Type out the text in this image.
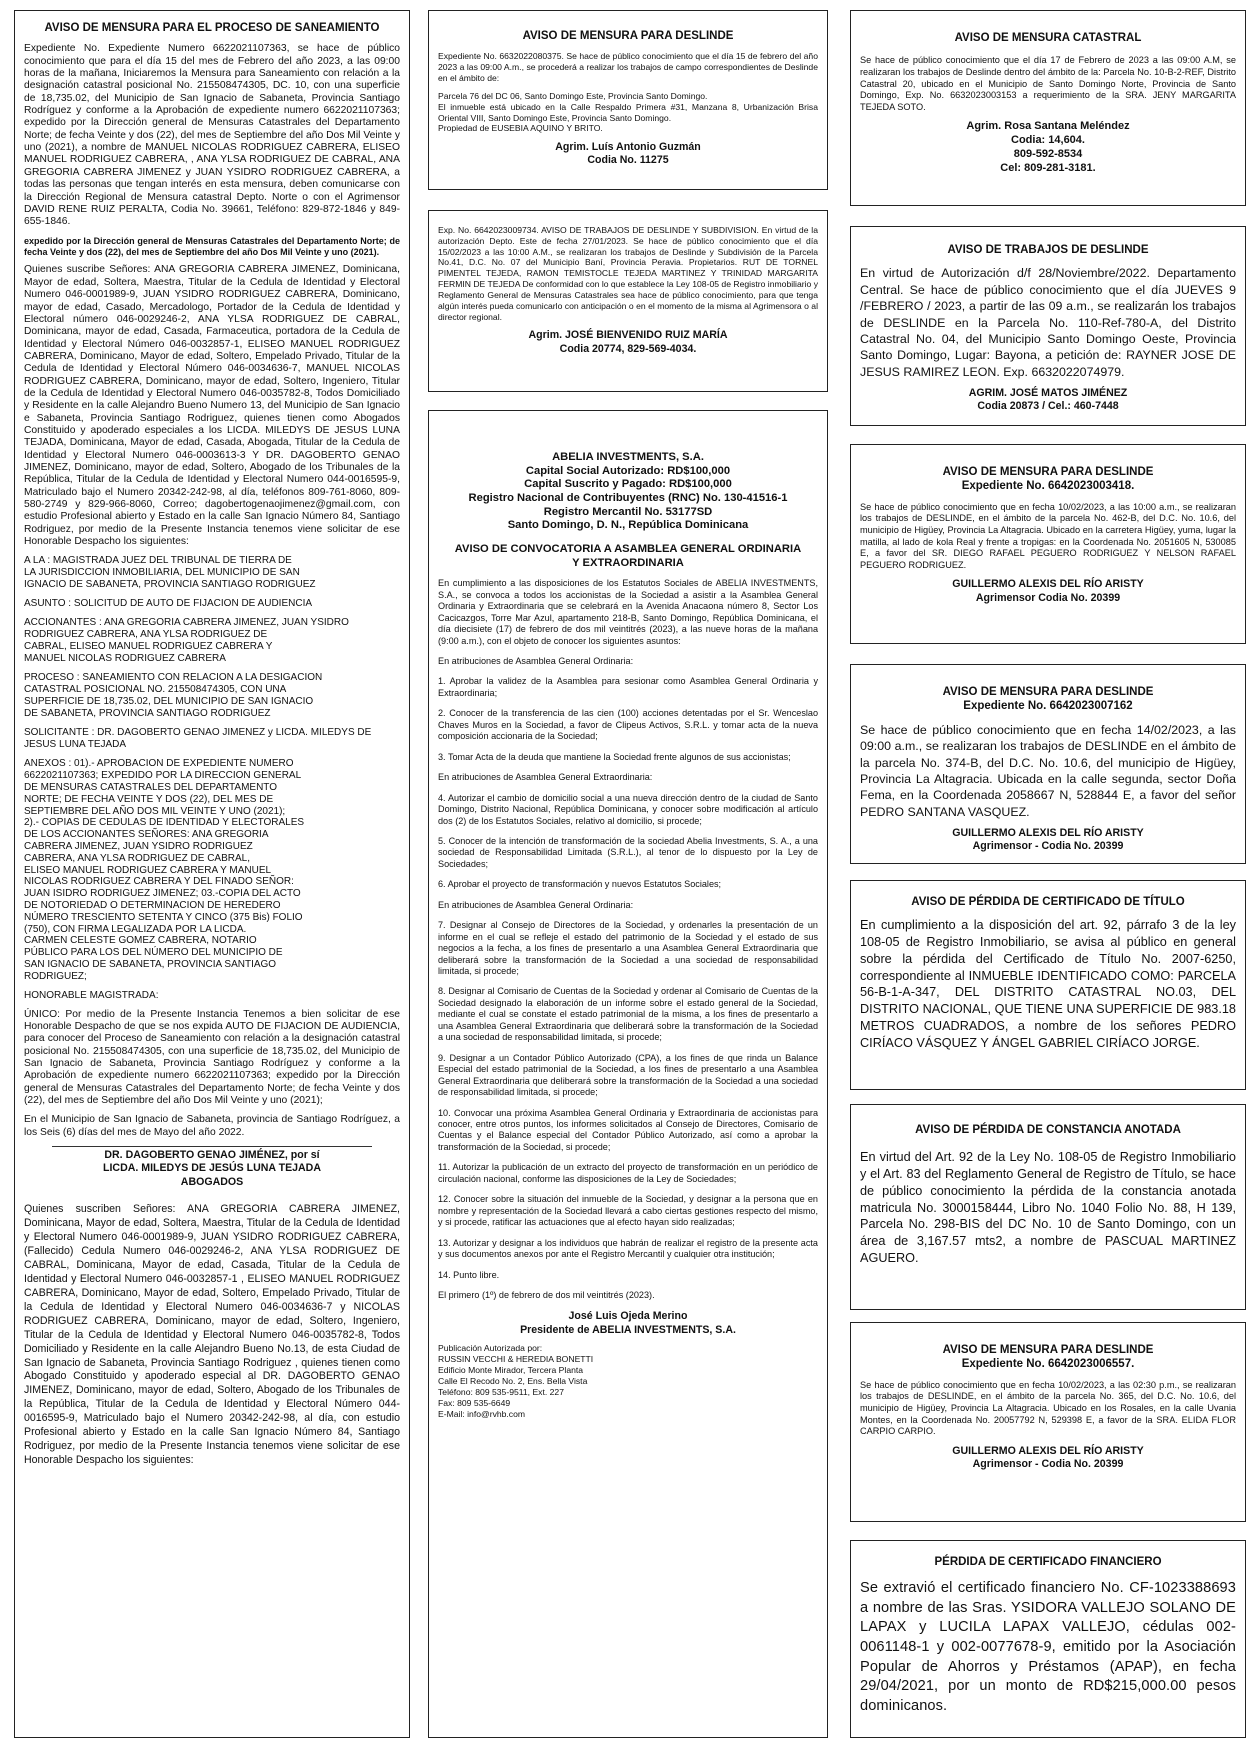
AVISO DE MENSURA PARA EL PROCESO DE SANEAMIENTO

Expediente No. Expediente Numero 6622021107363, se hace de público conocimiento que para el día 15 del mes de Febrero del año 2023, a las 09:00 horas de la mañana, Iniciaremos la Mensura para Saneamiento con relación a la designación catastral posicional No. 215508474305, DC. 10, con una superficie de 18,735.02, del Municipio de San Ignacio de Sabaneta, Provincia Santiago Rodríguez y conforme a la Aprobación de expediente numero 6622021107363; expedido por la Dirección general de Mensuras Catastrales del Departamento Norte; de fecha Veinte y dos (22), del mes de Septiembre del año Dos Mil Veinte y uno (2021), a nombre de MANUEL NICOLAS RODRIGUEZ CABRERA, ELISEO MANUEL RODRIGUEZ CABRERA, , ANA YLSA RODRIGUEZ DE CABRAL, ANA GREGORIA CABRERA JIMENEZ y JUAN YSIDRO RODRIGUEZ CABRERA, a todas las personas que tengan interés en esta mensura, deben comunicarse con la Dirección Regional de Mensura catastral Depto. Norte o con el Agrimensor DAVID RENE RUIZ PERALTA, Codia No. 39661, Teléfono: 829-872-1846 y 849-655-1846.

expedido por la Dirección general de Mensuras Catastrales del Departamento Norte; de fecha Veinte y dos (22), del mes de Septiembre del año Dos Mil Veinte y uno (2021).

Quienes suscribe Señores: ANA GREGORIA CABRERA JIMENEZ, Dominicana, Mayor de edad, Soltera, Maestra, Titular de la Cedula de Identidad y Electoral Numero 046-0001989-9, JUAN YSIDRO RODRIGUEZ CABRERA, Dominicano, mayor de edad, Casado, Mercadologo, Portador de la Cedula de Identidad y Electoral número 046-0029246-2, ANA YLSA RODRIGUEZ DE CABRAL, Dominicana, mayor de edad, Casada, Farmaceutica, portadora de la Cedula de Identidad y Electoral Número 046-0032857-1, ELISEO MANUEL RODRIGUEZ CABRERA, Dominicano, Mayor de edad, Soltero, Empelado Privado, Titular de la Cedula de Identidad y Electoral Número 046-0034636-7, MANUEL NICOLAS RODRIGUEZ CABRERA, Dominicano, mayor de edad, Soltero, Ingeniero, Titular de la Cedula de Identidad y Electoral Numero 046-0035782-8, Todos Domiciliado y Residente en la calle Alejandro Bueno Numero 13, del Municipio de San Ignacio e Sabaneta, Provincia Santiago Rodriguez, quienes tienen como Abogados Constituido y apoderado especiales a los LICDA. MILEDYS DE JESUS LUNA TEJADA, Dominicana, Mayor de edad, Casada, Abogada, Titular de la Cedula de Identidad y Electoral Numero 046-0003613-3 Y DR. DAGOBERTO GENAO JIMENEZ, Dominicano, mayor de edad, Soltero, Abogado de los Tribunales de la República, Titular de la Cedula de Identidad y Electoral Numero 044-0016595-9, Matriculado bajo el Numero 20342-242-98, al día, teléfonos 809-761-8060, 809-580-2749 y 829-966-8060, Correo; dagobertogenaojimenez@gmail.com, con estudio Profesional abierto y Estado en la calle San Ignacio Número 84, Santiago Rodriguez, por medio de la Presente Instancia tenemos viene solicitar de ese Honorable Despacho los siguientes:

A LA : MAGISTRADA JUEZ DEL TRIBUNAL DE TIERRA DE
LA JURISDICCION INMOBILIARIA, DEL MUNICIPIO DE SAN
IGNACIO DE SABANETA, PROVINCIA SANTIAGO RODRIGUEZ

ASUNTO : SOLICITUD DE AUTO DE FIJACION DE AUDIENCIA

ACCIONANTES : ANA GREGORIA CABRERA JIMENEZ, JUAN YSIDRO
RODRIGUEZ CABRERA, ANA YLSA RODRIGUEZ DE
CABRAL, ELISEO MANUEL RODRIGUEZ CABRERA Y
MANUEL NICOLAS RODRIGUEZ CABRERA

PROCESO : SANEAMIENTO CON RELACION A LA DESIGACION
CATASTRAL POSICIONAL NO. 215508474305, CON UNA
SUPERFICIE DE 18,735.02, DEL MUNICIPIO DE SAN IGNACIO
DE SABANETA, PROVINCIA SANTIAGO RODRIGUEZ

SOLICITANTE : DR. DAGOBERTO GENAO JIMENEZ y LICDA. MILEDYS DE
JESUS LUNA TEJADA

ANEXOS : 01).- APROBACION DE EXPEDIENTE NUMERO
6622021107363; EXPEDIDO POR LA DIRECCION GENERAL
DE MENSURAS CATASTRALES DEL DEPARTAMENTO
NORTE; DE FECHA VEINTE Y DOS (22), DEL MES DE
SEPTIEMBRE DEL AÑO DOS MIL VEINTE Y UNO (2021);
2).- COPIAS DE CEDULAS DE IDENTIDAD Y ELECTORALES
DE LOS ACCIONANTES SEÑORES: ANA GREGORIA
CABRERA JIMENEZ, JUAN YSIDRO RODRIGUEZ
CABRERA, ANA YLSA RODRIGUEZ DE CABRAL,
ELISEO MANUEL RODRIGUEZ CABRERA Y MANUEL
NICOLAS RODRIGUEZ CABRERA Y DEL FINADO SEÑOR:
JUAN ISIDRO RODRIGUEZ JIMENEZ; 03.-COPIA DEL ACTO
DE NOTORIEDAD O DETERMINACION DE HEREDERO
NÚMERO TRESCIENTO SETENTA Y CINCO (375 Bis) FOLIO
(750), CON FIRMA LEGALIZADA POR LA LICDA.
CARMEN CELESTE GOMEZ CABRERA, NOTARIO
PÚBLICO PARA LOS DEL NÚMERO DEL MUNICIPIO DE
SAN IGNACIO DE SABANETA, PROVINCIA SANTIAGO
RODRIGUEZ;

HONORABLE MAGISTRADA:

ÚNICO: Por medio de la Presente Instancia Tenemos a bien solicitar de ese Honorable Despacho de que se nos expida AUTO DE FIJACION DE AUDIENCIA, para conocer del Proceso de Saneamiento con relación a la designación catastral posicional No. 215508474305, con una superficie de 18,735.02, del Municipio de San Ignacio de Sabaneta, Provincia Santiago Rodríguez y conforme a la Aprobación de expediente numero 6622021107363; expedido por la Dirección general de Mensuras Catastrales del Departamento Norte; de fecha Veinte y dos (22), del mes de Septiembre del año Dos Mil Veinte y uno (2021);

En el Municipio de San Ignacio de Sabaneta, provincia de Santiago Rodríguez, a los Seis (6) días del mes de Mayo del año 2022.

DR. DAGOBERTO GENAO JIMÉNEZ, por sí
LICDA. MILEDYS DE JESÚS LUNA TEJADA
ABOGADOS

Quienes suscriben Señores: ANA GREGORIA CABRERA JIMENEZ, Dominicana, Mayor de edad, Soltera, Maestra, Titular de la Cedula de Identidad y Electoral Numero 046-0001989-9, JUAN YSIDRO RODRIGUEZ CABRERA, (Fallecido) Cedula Numero 046-0029246-2, ANA YLSA RODRIGUEZ DE CABRAL, Dominicana, Mayor de edad, Casada, Titular de la Cedula de Identidad y Electoral Numero 046-0032857-1 , ELISEO MANUEL RODRIGUEZ CABRERA, Dominicano, Mayor de edad, Soltero, Empelado Privado, Titular de la Cedula de Identidad y Electoral Numero 046-0034636-7 y NICOLAS RODRIGUEZ CABRERA, Dominicano, mayor de edad, Soltero, Ingeniero, Titular de la Cedula de Identidad y Electoral Numero 046-0035782-8, Todos Domiciliado y Residente en la calle Alejandro Bueno No.13, de esta Ciudad de San Ignacio de Sabaneta, Provincia Santiago Rodriguez , quienes tienen como Abogado Constituido y apoderado especial al DR. DAGOBERTO GENAO JIMENEZ, Dominicano, mayor de edad, Soltero, Abogado de los Tribunales de la República, Titular de la Cedula de Identidad y Electoral Número 044-0016595-9, Matriculado bajo el Numero 20342-242-98, al día, con estudio Profesional abierto y Estado en la calle San Ignacio Número 84, Santiago Rodriguez, por medio de la Presente Instancia tenemos viene solicitar de ese Honorable Despacho los siguientes:

AVISO DE MENSURA PARA DESLINDE

Expediente No. 6632022080375. Se hace de público conocimiento que el día 15 de febrero del año 2023 a las 09:00 A.m., se procederá a realizar los trabajos de campo correspondientes de Deslinde en el ámbito de:

Parcela 76 del DC 06, Santo Domingo Este, Provincia Santo Domingo.
El inmueble está ubicado en la Calle Respaldo Primera #31, Manzana 8, Urbanización Brisa Oriental VIII, Santo Domingo Este, Provincia Santo Domingo.
Propiedad de EUSEBIA AQUINO Y BRITO.

Agrim. Luís Antonio Guzmán
Codia No. 11275

Exp. No. 6642023009734. AVISO DE TRABAJOS DE DESLINDE Y SUBDIVISION. En virtud de la autorización Depto. Este de fecha 27/01/2023. Se hace de público conocimiento que el día 15/02/2023 a las 10:00 A.M., se realizaran los trabajos de Deslinde y Subdivisión de la Parcela No.41, D.C. No. 07 del Municipio Baní, Provincia Peravia. Propietarios. RUT DE TORNEL PIMENTEL TEJEDA, RAMON TEMISTOCLE TEJEDA MARTINEZ Y TRINIDAD MARGARITA FERMIN DE TEJEDA De conformidad con lo que establece la Ley 108-05 de Registro inmobiliario y Reglamento General de Mensuras Catastrales sea hace de público conocimiento, para que tenga algún interés pueda comunicarlo con anticipación o en el momento de la misma al Agrimensora o al director regional.

Agrim. JOSÉ BIENVENIDO RUIZ MARÍA
Codia 20774, 829-569-4034.
ABELIA INVESTMENTS, S.A.
Capital Social Autorizado: RD$100,000
Capital Suscrito y Pagado: RD$100,000
Registro Nacional de Contribuyentes (RNC) No. 130-41516-1
Registro Mercantil No. 53177SD
Santo Domingo, D. N., República Dominicana
AVISO DE CONVOCATORIA A ASAMBLEA GENERAL ORDINARIA
Y EXTRAORDINARIA

En cumplimiento a las disposiciones de los Estatutos Sociales de ABELIA INVESTMENTS, S.A., se convoca a todos los accionistas de la Sociedad a asistir a la Asamblea General Ordinaria y Extraordinaria que se celebrará en la Avenida Anacaona número 8, Sector Los Cacicazgos, Torre Mar Azul, apartamento 218-B, Santo Domingo, República Dominicana, el día diecisiete (17) de febrero de dos mil veintitrés (2023), a las nueve horas de la mañana (9:00 a.m.), con el objeto de conocer los siguientes asuntos:

En atribuciones de Asamblea General Ordinaria:

1. Aprobar la validez de la Asamblea para sesionar como Asamblea General Ordinaria y Extraordinaria;

2. Conocer de la transferencia de las cien (100) acciones detentadas por el Sr. Wenceslao Chaves Muros en la Sociedad, a favor de Clipeus Activos, S.R.L. y tomar acta de la nueva composición accionaria de la Sociedad;

3. Tomar Acta de la deuda que mantiene la Sociedad frente algunos de sus accionistas;

En atribuciones de Asamblea General Extraordinaria:

4. Autorizar el cambio de domicilio social a una nueva dirección dentro de la ciudad de Santo Domingo, Distrito Nacional, República Dominicana, y conocer sobre modificación al artículo dos (2) de los Estatutos Sociales, relativo al domicilio, si procede;

5. Conocer de la intención de transformación de la sociedad Abelia Investments, S. A., a una sociedad de Responsabilidad Limitada (S.R.L.), al tenor de lo dispuesto por la Ley de Sociedades;

6. Aprobar el proyecto de transformación y nuevos Estatutos Sociales;

En atribuciones de Asamblea General Ordinaria:

7. Designar al Consejo de Directores de la Sociedad, y ordenarles la presentación de un informe en el cual se refleje el estado del patrimonio de la Sociedad y el estado de sus negocios a la fecha, a los fines de presentarlo a una Asamblea General Extraordinaria que deliberará sobre la transformación de la Sociedad a una sociedad de responsabilidad limitada, si procede;

8. Designar al Comisario de Cuentas de la Sociedad y ordenar al Comisario de Cuentas de la Sociedad designado la elaboración de un informe sobre el estado general de la Sociedad, mediante el cual se constate el estado patrimonial de la misma, a los fines de presentarlo a una Asamblea General Extraordinaria que deliberará sobre la transformación de la Sociedad a una sociedad de responsabilidad limitada, si procede;

9. Designar a un Contador Público Autorizado (CPA), a los fines de que rinda un Balance Especial del estado patrimonial de la Sociedad, a los fines de presentarlo a una Asamblea General Extraordinaria que deliberará sobre la transformación de la Sociedad a una sociedad de responsabilidad limitada, si procede;

10. Convocar una próxima Asamblea General Ordinaria y Extraordinaria de accionistas para conocer, entre otros puntos, los informes solicitados al Consejo de Directores, Comisario de Cuentas y el Balance especial del Contador Público Autorizado, así como a aprobar la transformación de la Sociedad, si procede;

11. Autorizar la publicación de un extracto del proyecto de transformación en un periódico de circulación nacional, conforme las disposiciones de la Ley de Sociedades;

12. Conocer sobre la situación del inmueble de la Sociedad, y designar a la persona que en nombre y representación de la Sociedad llevará a cabo ciertas gestiones respecto del mismo, y si procede, ratificar las actuaciones que al efecto hayan sido realizadas;

13. Autorizar y designar a los individuos que habrán de realizar el registro de la presente acta y sus documentos anexos por ante el Registro Mercantil y cualquier otra institución;

14. Punto libre.

El primero (1º) de febrero de dos mil veintitrés (2023).

José Luis Ojeda Merino
Presidente de ABELIA INVESTMENTS, S.A.
Publicación Autorizada por:
RUSSIN VECCHI & HEREDIA BONETTI
Edificio Monte Mirador, Tercera Planta
Calle El Recodo No. 2, Ens. Bella Vista
Teléfono: 809 535-9511, Ext. 227
Fax: 809 535-6649
E-Mail: info@rvhb.com
AVISO DE MENSURA CATASTRAL

Se hace de público conocimiento que el día 17 de Febrero de 2023 a las 09:00 A.M, se realizaran los trabajos de Deslinde dentro del ámbito de la: Parcela No. 10-B-2-REF, Distrito Catastral 20, ubicado en el Municipio de Santo Domingo Norte, Provincia de Santo Domingo, Exp. No. 6632023003153 a requerimiento de la SRA. JENY MARGARITA TEJEDA SOTO.

Agrim. Rosa Santana Meléndez
Codia: 14,604.
809-592-8534
Cel: 809-281-3181.
AVISO DE TRABAJOS DE DESLINDE

En virtud de Autorización d/f 28/Noviembre/2022. Departamento Central. Se hace de público conocimiento que el día JUEVES 9 /FEBRERO / 2023, a partir de las 09 a.m., se realizarán los trabajos de DESLINDE en la Parcela No. 110-Ref-780-A, del Distrito Catastral No. 04, del Municipio Santo Domingo Oeste, Provincia Santo Domingo, Lugar: Bayona, a petición de: RAYNER JOSE DE JESUS RAMIREZ LEON. Exp. 6632022074979.

AGRIM. JOSÉ MATOS JIMÉNEZ
Codia 20873 / Cel.: 460-7448
AVISO DE MENSURA PARA DESLINDE
Expediente No. 6642023003418.

Se hace de público conocimiento que en fecha 10/02/2023, a las 10:00 a.m., se realizaran los trabajos de DESLINDE, en el ámbito de la parcela No. 462-B, del D.C. No. 10.6, del municipio de Higüey, Provincia La Altagracia. Ubicado en la carretera Higüey, yuma, lugar la matilla, al lado de kola Real y frente a tropigas: en la Coordenada No. 2051605 N, 530085 E, a favor del SR. DIEGO RAFAEL PEGUERO RODRIGUEZ Y NELSON RAFAEL PEGUERO RODRIGUEZ.

GUILLERMO ALEXIS DEL RÍO ARISTY
Agrimensor Codia No. 20399
AVISO DE MENSURA PARA DESLINDE
Expediente No. 6642023007162

Se hace de público conocimiento que en fecha 14/02/2023, a las 09:00 a.m., se realizaran los trabajos de DESLINDE en el ámbito de la parcela No. 374-B, del D.C. No. 10.6, del municipio de Higüey, Provincia La Altagracia. Ubicada en la calle segunda, sector Doña Fema, en la Coordenada 2058667 N, 528844 E, a favor del señor PEDRO SANTANA VASQUEZ.

GUILLERMO ALEXIS DEL RÍO ARISTY
Agrimensor - Codia No. 20399
AVISO DE PÉRDIDA DE CERTIFICADO DE TÍTULO

En cumplimiento a la disposición del art. 92, párrafo 3 de la ley 108-05 de Registro Inmobiliario, se avisa al público en general sobre la pérdida del Certificado de Título No. 2007-6250, correspondiente al INMUEBLE IDENTIFICADO COMO: PARCELA 56-B-1-A-347, DEL DISTRITO CATASTRAL NO.03, DEL DISTRITO NACIONAL, QUE TIENE UNA SUPERFICIE DE 983.18 METROS CUADRADOS, a nombre de los señores PEDRO CIRÍACO VÁSQUEZ Y ÁNGEL GABRIEL CIRÍACO JORGE.

AVISO DE PÉRDIDA DE CONSTANCIA ANOTADA

En virtud del Art. 92 de la Ley No. 108-05 de Registro Inmobiliario y el Art. 83 del Reglamento General de Registro de Título, se hace de público conocimiento la pérdida de la constancia anotada matricula No. 3000158444, Libro No. 1040 Folio No. 88, H 139, Parcela No. 298-BIS del DC No. 10 de Santo Domingo, con un área de 3,167.57 mts2, a nombre de PASCUAL MARTINEZ AGUERO.

AVISO DE MENSURA PARA DESLINDE
Expediente No. 6642023006557.

Se hace de público conocimiento que en fecha 10/02/2023, a las 02:30 p.m., se realizaran los trabajos de DESLINDE, en el ámbito de la parcela No. 365, del D.C. No. 10.6, del municipio de Higüey, Provincia La Altagracia. Ubicado en los Rosales, en la calle Uvania Montes, en la Coordenada No. 20057792 N, 529398 E, a favor de la SRA. ELIDA FLOR CARPIO CARPIO.

GUILLERMO ALEXIS DEL RÍO ARISTY
Agrimensor - Codia No. 20399
PÉRDIDA DE CERTIFICADO FINANCIERO

Se extravió el certificado financiero No. CF-1023388693 a nombre de las Sras. YSIDORA VALLEJO SOLANO DE LAPAX y LUCILA LAPAX VALLEJO, cédulas 002-0061148-1 y 002-0077678-9, emitido por la Asociación Popular de Ahorros y Préstamos (APAP), en fecha 29/04/2021, por un monto de RD$215,000.00 pesos dominicanos.
